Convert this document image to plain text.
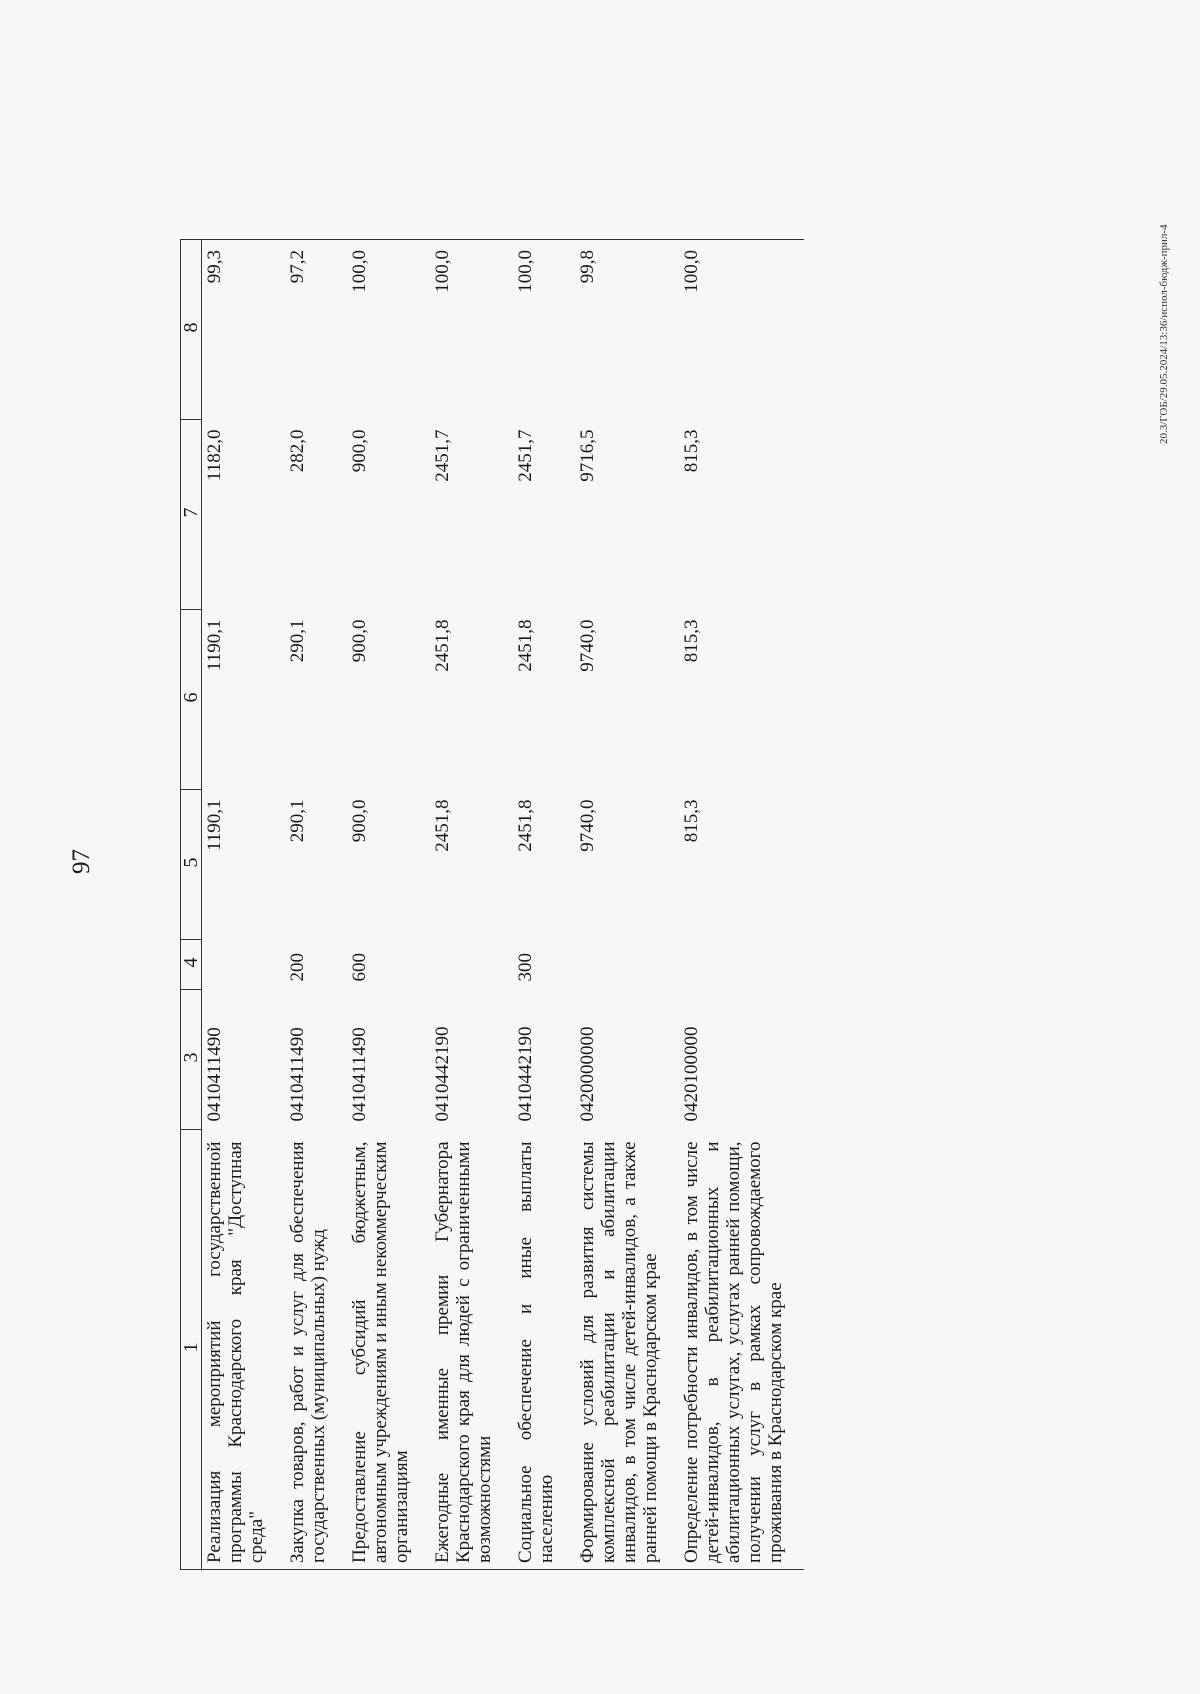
97
1	3	4	5	6	7	8
Реализация мероприятий государственной программы Краснодарского края "Доступная среда"	0410411490		1190,1	1190,1	1182,0	99,3
Закупка товаров, работ и услуг для обеспечения государственных (муниципальных) нужд	0410411490	200	290,1	290,1	282,0	97,2
Предоставление субсидий бюджетным, автономным учреждениям и иным некоммерческим организациям	0410411490	600	900,0	900,0	900,0	100,0
Ежегодные именные премии Губернатора Краснодарского края для людей с ограниченными возможностями	0410442190		2451,8	2451,8	2451,7	100,0
Социальное обеспечение и иные выплаты населению	0410442190	300	2451,8	2451,8	2451,7	100,0
Формирование условий для развития системы комплексной реабилитации и абилитации инвалидов, в том числе детей-инвалидов, а также ранней помощи в Краснодарском крае	0420000000		9740,0	9740,0	9716,5	99,8
Определение потребности инвалидов, в том числе детей-инвалидов, в реабилитационных и абилитационных услугах, услугах ранней помощи, получении услуг в рамках сопровождаемого проживания в Краснодарском крае	0420100000		815,3	815,3	815,3	100,0	20.3/ГОБ/29.05.2024/13:36/испол-бюдж-прил-4
